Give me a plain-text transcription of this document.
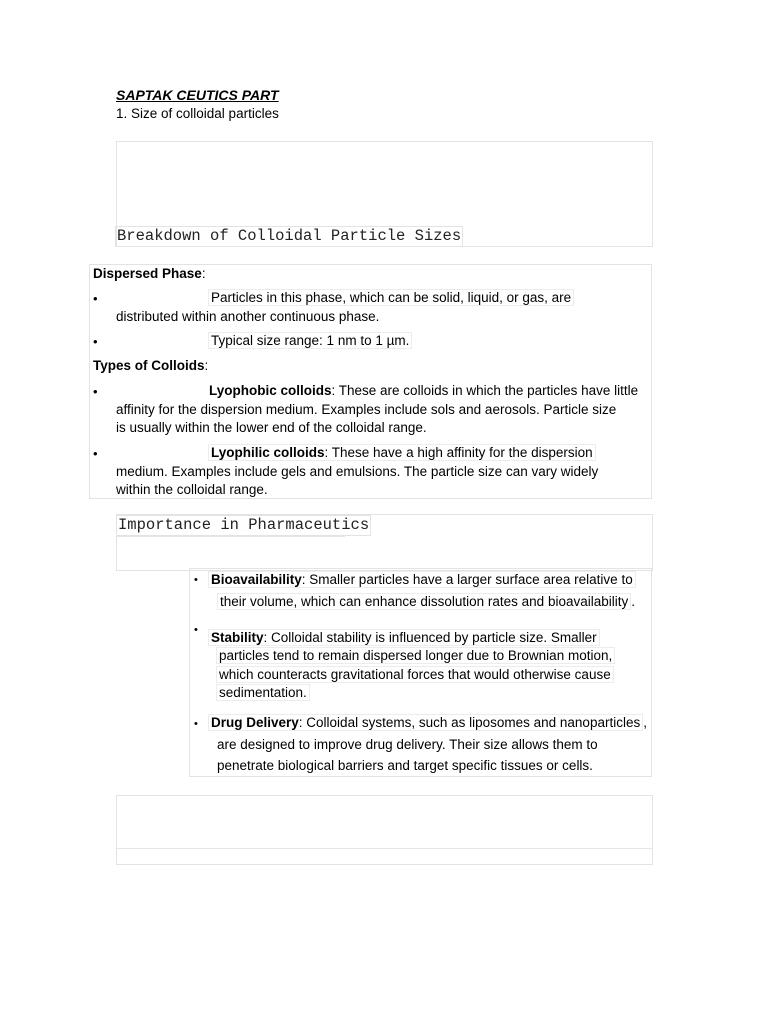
SAPTAK CEUTICS PART
1. Size of colloidal particles
Breakdown of Colloidal Particle Sizes
Dispersed Phase:
•	Particles in this phase, which can be solid, liquid, or gas, are
distributed within another continuous phase.
•	Typical size range: 1 nm to 1 µm.
Types of Colloids:
•	Lyophobic colloids: These are colloids in which the particles have little
affinity for the dispersion medium. Examples include sols and aerosols. Particle size
is usually within the lower end of the colloidal range.
•	Lyophilic colloids: These have a high affinity for the dispersion
medium. Examples include gels and emulsions. The particle size can vary widely
within the colloidal range.
Importance in Pharmaceutics
• Bioavailability: Smaller particles have a larger surface area relative to
their volume, which can enhance dissolution rates and bioavailability .
• Stability: Colloidal stability is influenced by particle size. Smaller
particles tend to remain dispersed longer due to Brownian motion,
which counteracts gravitational forces that would otherwise cause
sedimentation.
• Drug Delivery: Colloidal systems, such as liposomes and nanoparticles ,
are designed to improve drug delivery. Their size allows them to
penetrate biological barriers and target specific tissues or cells.
